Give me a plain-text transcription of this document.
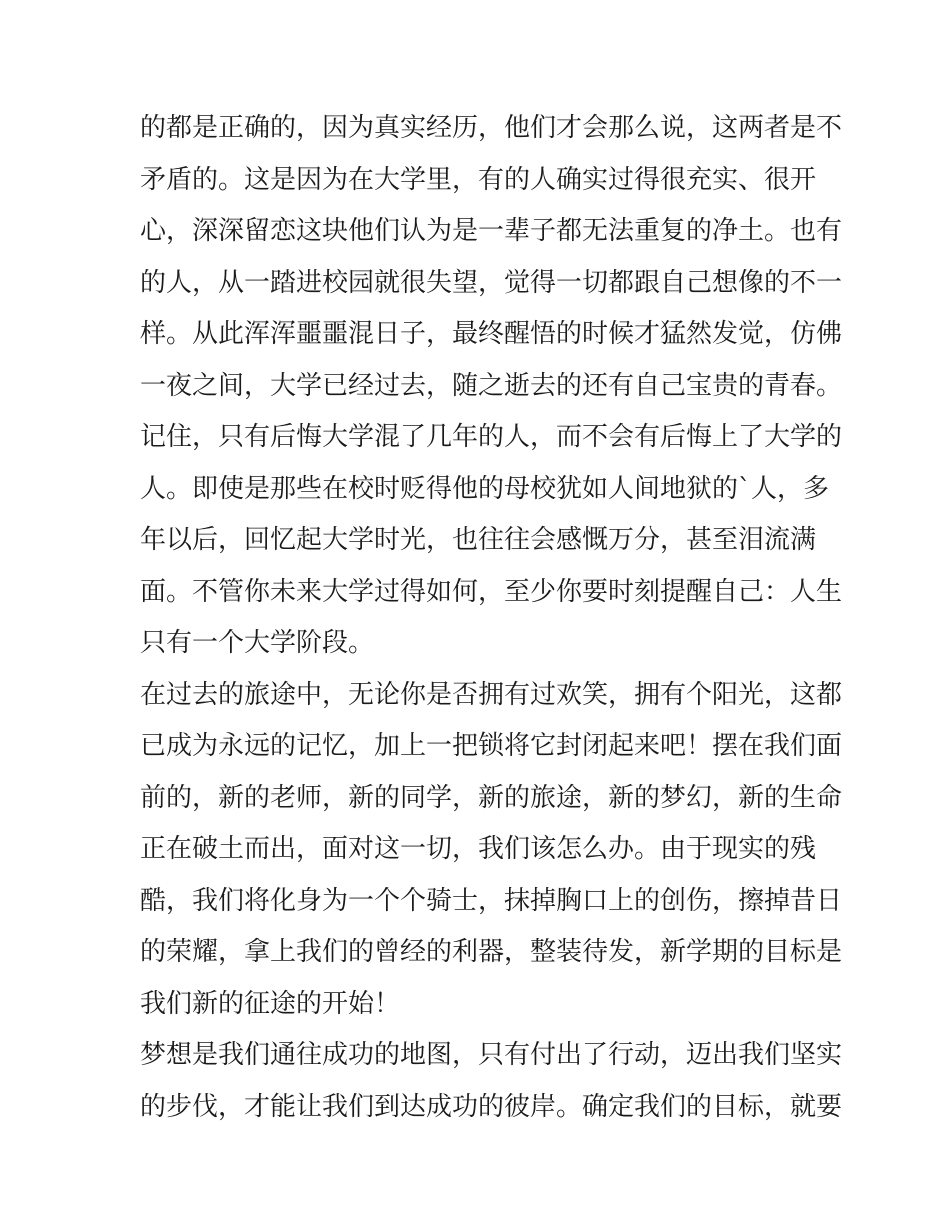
的都是正确的，因为真实经历，他们才会那么说，这两者是不
矛盾的。这是因为在大学里，有的人确实过得很充实、很开
心，深深留恋这块他们认为是一辈子都无法重复的净土。也有
的人，从一踏进校园就很失望，觉得一切都跟自己想像的不一
样。从此浑浑噩噩混日子，最终醒悟的时候才猛然发觉，仿佛
一夜之间，大学已经过去，随之逝去的还有自己宝贵的青春。
记住，只有后悔大学混了几年的人，而不会有后悔上了大学的
人。即使是那些在校时贬得他的母校犹如人间地狱的`人，多
年以后，回忆起大学时光，也往往会感慨万分，甚至泪流满
面。不管你未来大学过得如何，至少你要时刻提醒自己：人生
只有一个大学阶段。
在过去的旅途中，无论你是否拥有过欢笑，拥有个阳光，这都
已成为永远的记忆，加上一把锁将它封闭起来吧！摆在我们面
前的，新的老师，新的同学，新的旅途，新的梦幻，新的生命
正在破土而出，面对这一切，我们该怎么办。由于现实的残
酷，我们将化身为一个个骑士，抹掉胸口上的创伤，擦掉昔日
的荣耀，拿上我们的曾经的利器，整装待发，新学期的目标是
我们新的征途的开始！
梦想是我们通往成功的地图，只有付出了行动，迈出我们坚实
的步伐，才能让我们到达成功的彼岸。确定我们的目标，就要
